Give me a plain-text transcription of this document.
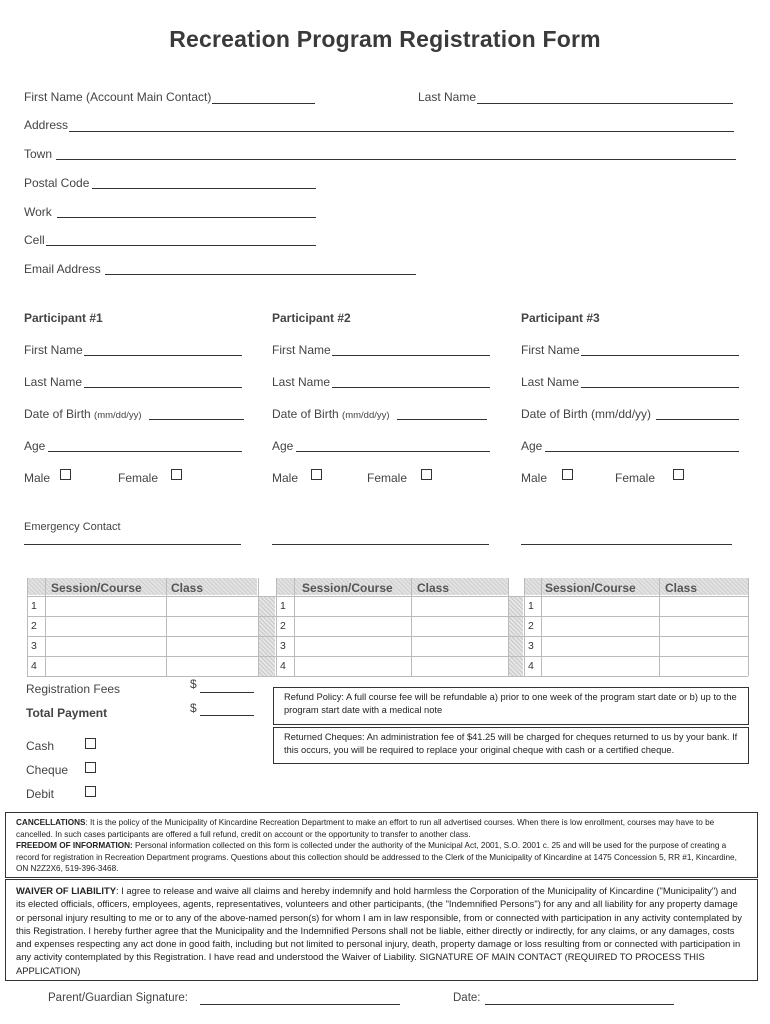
Recreation Program Registration Form
First Name (Account Main Contact)	Last Name
Address
Town
Postal Code
Work
Cell
Email Address
Participant #1
First Name
Last Name
Date of Birth (mm/dd/yy)
Age
Male	Female
Participant #2
First Name
Last Name
Date of Birth (mm/dd/yy)
Age
Male	Female
Participant #3
First Name
Last Name
Date of Birth (mm/dd/yy)
Age
Male	Female
Emergency Contact
Session/Course Class	Session/Course Class	Session/Course Class
1
2
3
4
1
2
3
4
1
2
3
4
Registration Fees	$
Total Payment	$
Cash
Cheque
Debit
Refund Policy: A full course fee will be refundable a) prior to one week of the program start date or b) up to the program start date with a medical note
Returned Cheques: An administration fee of $41.25 will be charged for cheques returned to us by your bank. If this occurs, you will be required to replace your original cheque with cash or a certified cheque.
CANCELLATIONS: It is the policy of the Municipality of Kincardine Recreation Department to make an effort to run all advertised courses. When there is low enrollment, courses may have to be cancelled. In such cases participants are offered a full refund, credit on account or the opportunity to transfer to another class.
FREEDOM OF INFORMATION: Personal information collected on this form is collected under the authority of the Municipal Act, 2001, S.O. 2001 c. 25 and will be used for the purpose of creating a record for registration in Recreation Department programs. Questions about this collection should be addressed to the Clerk of the Municipality of Kincardine at 1475 Concession 5, RR #1, Kincardine, ON N2Z2X6, 519-396-3468.
WAIVER OF LIABILITY: I agree to release and waive all claims and hereby indemnify and hold harmless the Corporation of the Municipality of Kincardine ("Municipality") and its elected officials, officers, employees, agents, representatives, volunteers and other participants, (the "Indemnified Persons") for any and all liability for any property damage or personal injury resulting to me or to any of the above-named person(s) for whom I am in law responsible, from or connected with participation in any activity contemplated by this Registration. I hereby further agree that the Municipality and the Indemnified Persons shall not be liable, either directly or indirectly, for any claims, or any damages, costs and expenses respecting any act done in good faith, including but not limited to personal injury, death, property damage or loss resulting from or connected with participation in any activity contemplated by this Registration. I have read and understood the Waiver of Liability. SIGNATURE OF MAIN CONTACT (REQUIRED TO PROCESS THIS APPLICATION)
Parent/Guardian Signature:	Date:
